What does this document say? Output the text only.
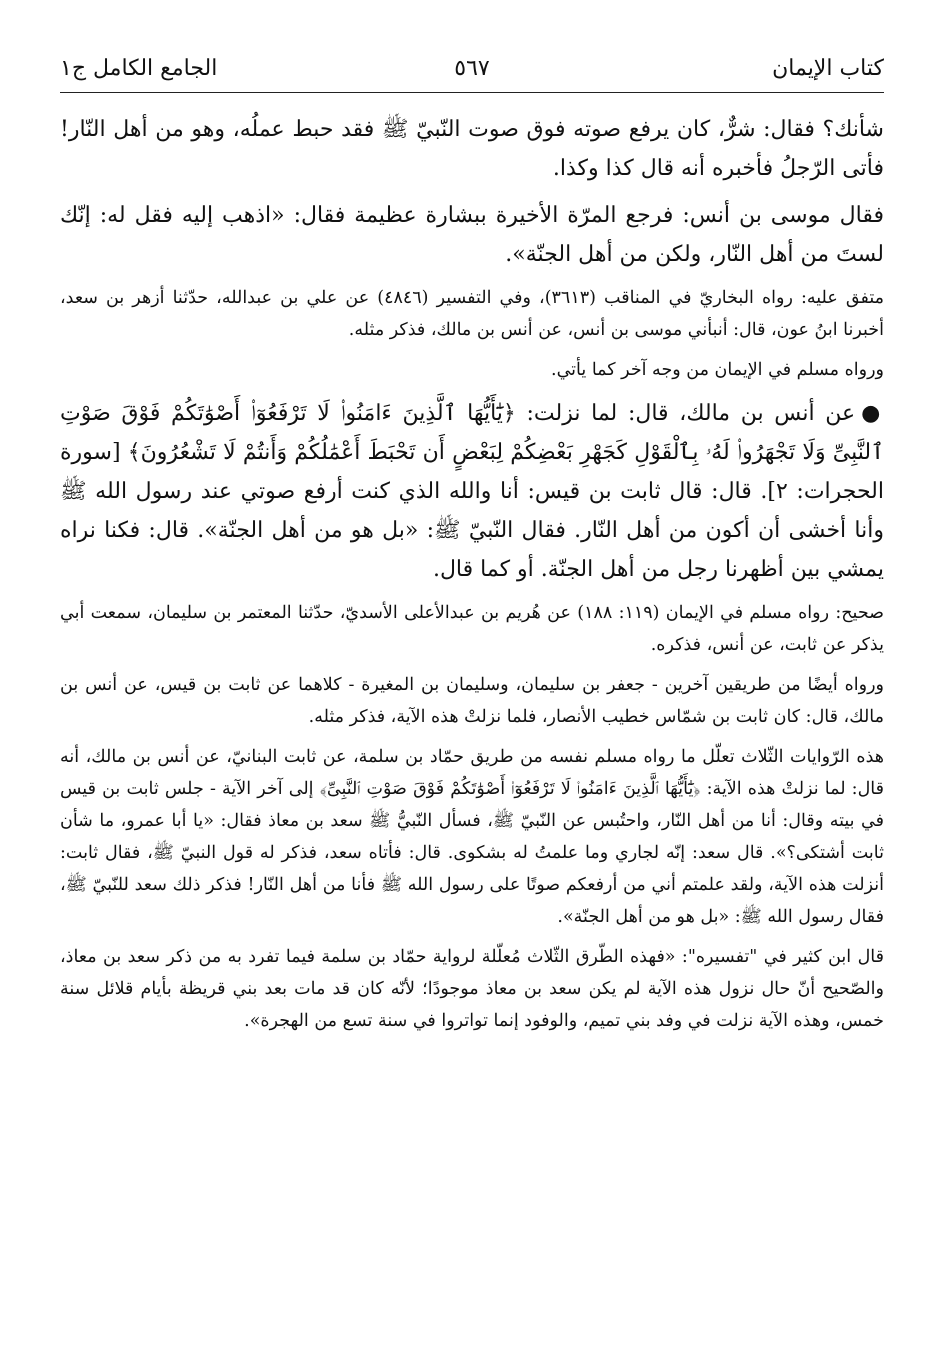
كتاب الإيمان
٥٦٧
الجامع الكامل ج١

شأنك؟ فقال: شرٌّ، كان يرفع صوته فوق صوت النّبيّ ﷺ فقد حبط عملُه، وهو من أهل النّار! فأتى الرّجلُ فأخبره أنه قال كذا وكذا.

فقال موسى بن أنس: فرجع المرّة الأخيرة ببشارة عظيمة فقال: «اذهب إليه فقل له: إنّك لستَ من أهل النّار، ولكن من أهل الجنّة».

متفق عليه: رواه البخاريّ في المناقب (٣٦١٣)، وفي التفسير (٤٨٤٦) عن علي بن عبدالله، حدّثنا أزهر بن سعد، أخبرنا ابنُ عون، قال: أنبأني موسى بن أنس، عن أنس بن مالك، فذكر مثله.

ورواه مسلم في الإيمان من وجه آخر كما يأتي.

●عن أنس بن مالك، قال: لما نزلت: ﴿يَٰٓأَيُّهَا ٱلَّذِينَ ءَامَنُوا۟ لَا تَرْفَعُوٓا۟ أَصْوَٰتَكُمْ فَوْقَ صَوْتِ ٱلنَّبِىِّ وَلَا تَجْهَرُوا۟ لَهُۥ بِٱلْقَوْلِ كَجَهْرِ بَعْضِكُمْ لِبَعْضٍ أَن تَحْبَطَ أَعْمَٰلُكُمْ وَأَنتُمْ لَا تَشْعُرُونَ﴾ [سورة الحجرات: ٢]. قال: قال ثابت بن قيس: أنا والله الذي كنت أرفع صوتي عند رسول الله ﷺ وأنا أخشى أن أكون من أهل النّار. فقال النّبيّ ﷺ: «بل هو من أهل الجنّة». قال: فكنا نراه يمشي بين أظهرنا رجل من أهل الجنّة. أو كما قال.

صحيح: رواه مسلم في الإيمان (١١٩: ١٨٨) عن هُريم بن عبدالأعلى الأسديّ، حدّثنا المعتمر بن سليمان، سمعت أبي يذكر عن ثابت، عن أنس، فذكره.

ورواه أيضًا من طريقين آخرين - جعفر بن سليمان، وسليمان بن المغيرة - كلاهما عن ثابت بن قيس، عن أنس بن مالك، قال: كان ثابت بن شمّاس خطيب الأنصار، فلما نزلتْ هذه الآية، فذكر مثله.

هذه الرّوايات الثّلاث تعلّل ما رواه مسلم نفسه من طريق حمّاد بن سلمة، عن ثابت البنانيّ، عن أنس بن مالك، أنه قال: لما نزلتْ هذه الآية: ﴿يَٰٓأَيُّهَا ٱلَّذِينَ ءَامَنُوا۟ لَا تَرْفَعُوٓا۟ أَصْوَٰتَكُمْ فَوْقَ صَوْتِ ٱلنَّبِىِّ﴾ إلى آخر الآية - جلس ثابت بن قيس في بيته وقال: أنا من أهل النّار، واحتُبس عن النّبيّ ﷺ، فسأل النّبيُّ ﷺ سعد بن معاذ فقال: «يا أبا عمرو، ما شأن ثابت أشتكى؟». قال سعد: إنّه لجاري وما علمتُ له بشكوى. قال: فأتاه سعد، فذكر له قول النبيّ ﷺ، فقال ثابت: أنزلت هذه الآية، ولقد علمتم أني من أرفعكم صوتًا على رسول الله ﷺ فأنا من أهل النّار! فذكر ذلك سعد للنّبيّ ﷺ، فقال رسول الله ﷺ: «بل هو من أهل الجنّة».

قال ابن كثير في "تفسيره": «فهذه الطّرق الثّلاث مُعلّلة لرواية حمّاد بن سلمة فيما تفرد به من ذكر سعد بن معاذ، والصّحيح أنّ حال نزول هذه الآية لم يكن سعد بن معاذ موجودًا؛ لأنّه كان قد مات بعد بني قريظة بأيام قلائل سنة خمس، وهذه الآية نزلت في وفد بني تميم، والوفود إنما تواتروا في سنة تسع من الهجرة».
